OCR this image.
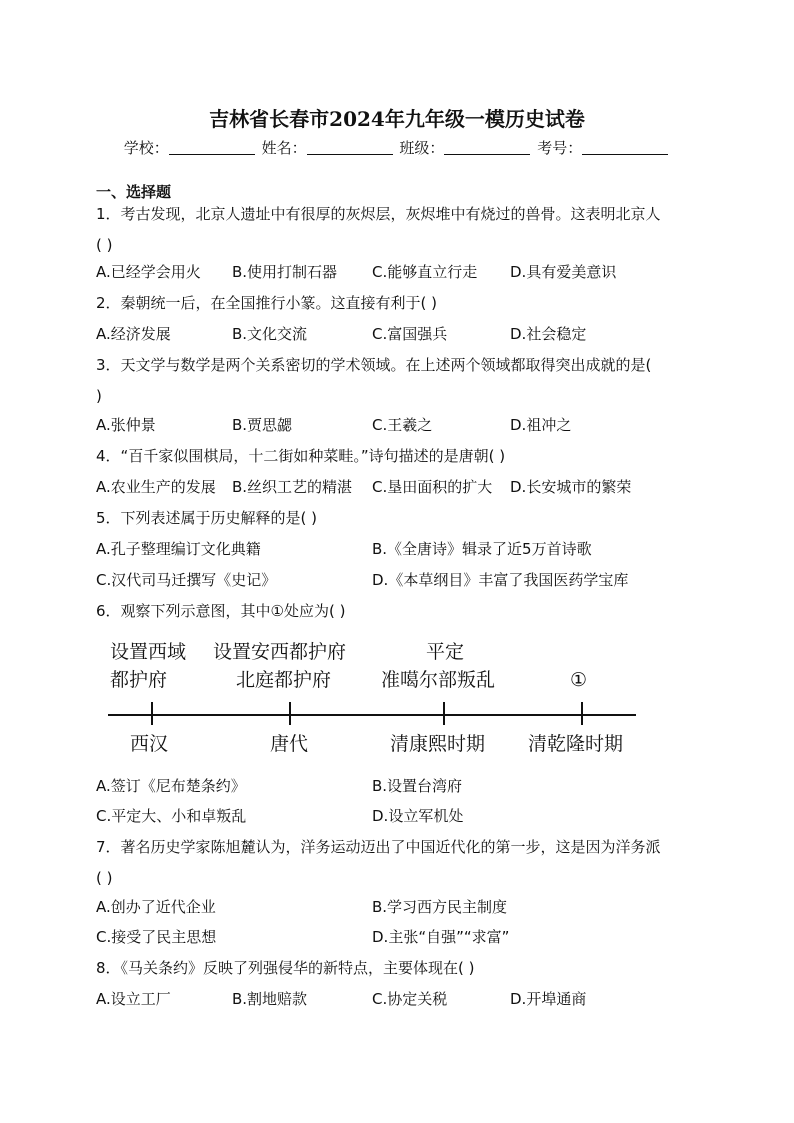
吉林省长春市2024年九年级一模历史试卷
学校：	姓名：	班级：	考号：
一、选择题
1．考古发现，北京人遗址中有很厚的灰烬层，灰烬堆中有烧过的兽骨。这表明北京人
( )
A.已经学会用火 B.使用打制石器 C.能够直立行走 D.具有爱美意识
2．秦朝统一后，在全国推行小篆。这直接有利于( )
A.经济发展	B.文化交流	C.富国强兵	D.社会稳定
3．天文学与数学是两个关系密切的学术领域。在上述两个领域都取得突出成就的是(
)
A.张仲景	B.贾思勰	C.王羲之	D.祖冲之
4．“百千家似围棋局，十二街如种菜畦。”诗句描述的是唐朝( )
A.农业生产的发展 B.丝织工艺的精湛 C.垦田面积的扩大 D.长安城市的繁荣
5．下列表述属于历史解释的是( )
A.孔子整理编订文化典籍	B.《全唐诗》辑录了近5万首诗歌
C.汉代司马迁撰写《史记》	D.《本草纲目》丰富了我国医药学宝库
6．观察下列示意图，其中①处应为( )
设置西域
都护府
西汉
设置安西都护府
北庭都护府
唐代
平定
准噶尔部叛乱
清康熙时期
①
清乾隆时期
A.签订《尼布楚条约》	B.设置台湾府
C.平定大、小和卓叛乱	D.设立军机处
7．著名历史学家陈旭麓认为，洋务运动迈出了中国近代化的第一步，这是因为洋务派
( )
A.创办了近代企业	B.学习西方民主制度
C.接受了民主思想	D.主张“自强”“求富”
8．《马关条约》反映了列强侵华的新特点，主要体现在( )
A.设立工厂	B.割地赔款	C.协定关税	D.开埠通商
